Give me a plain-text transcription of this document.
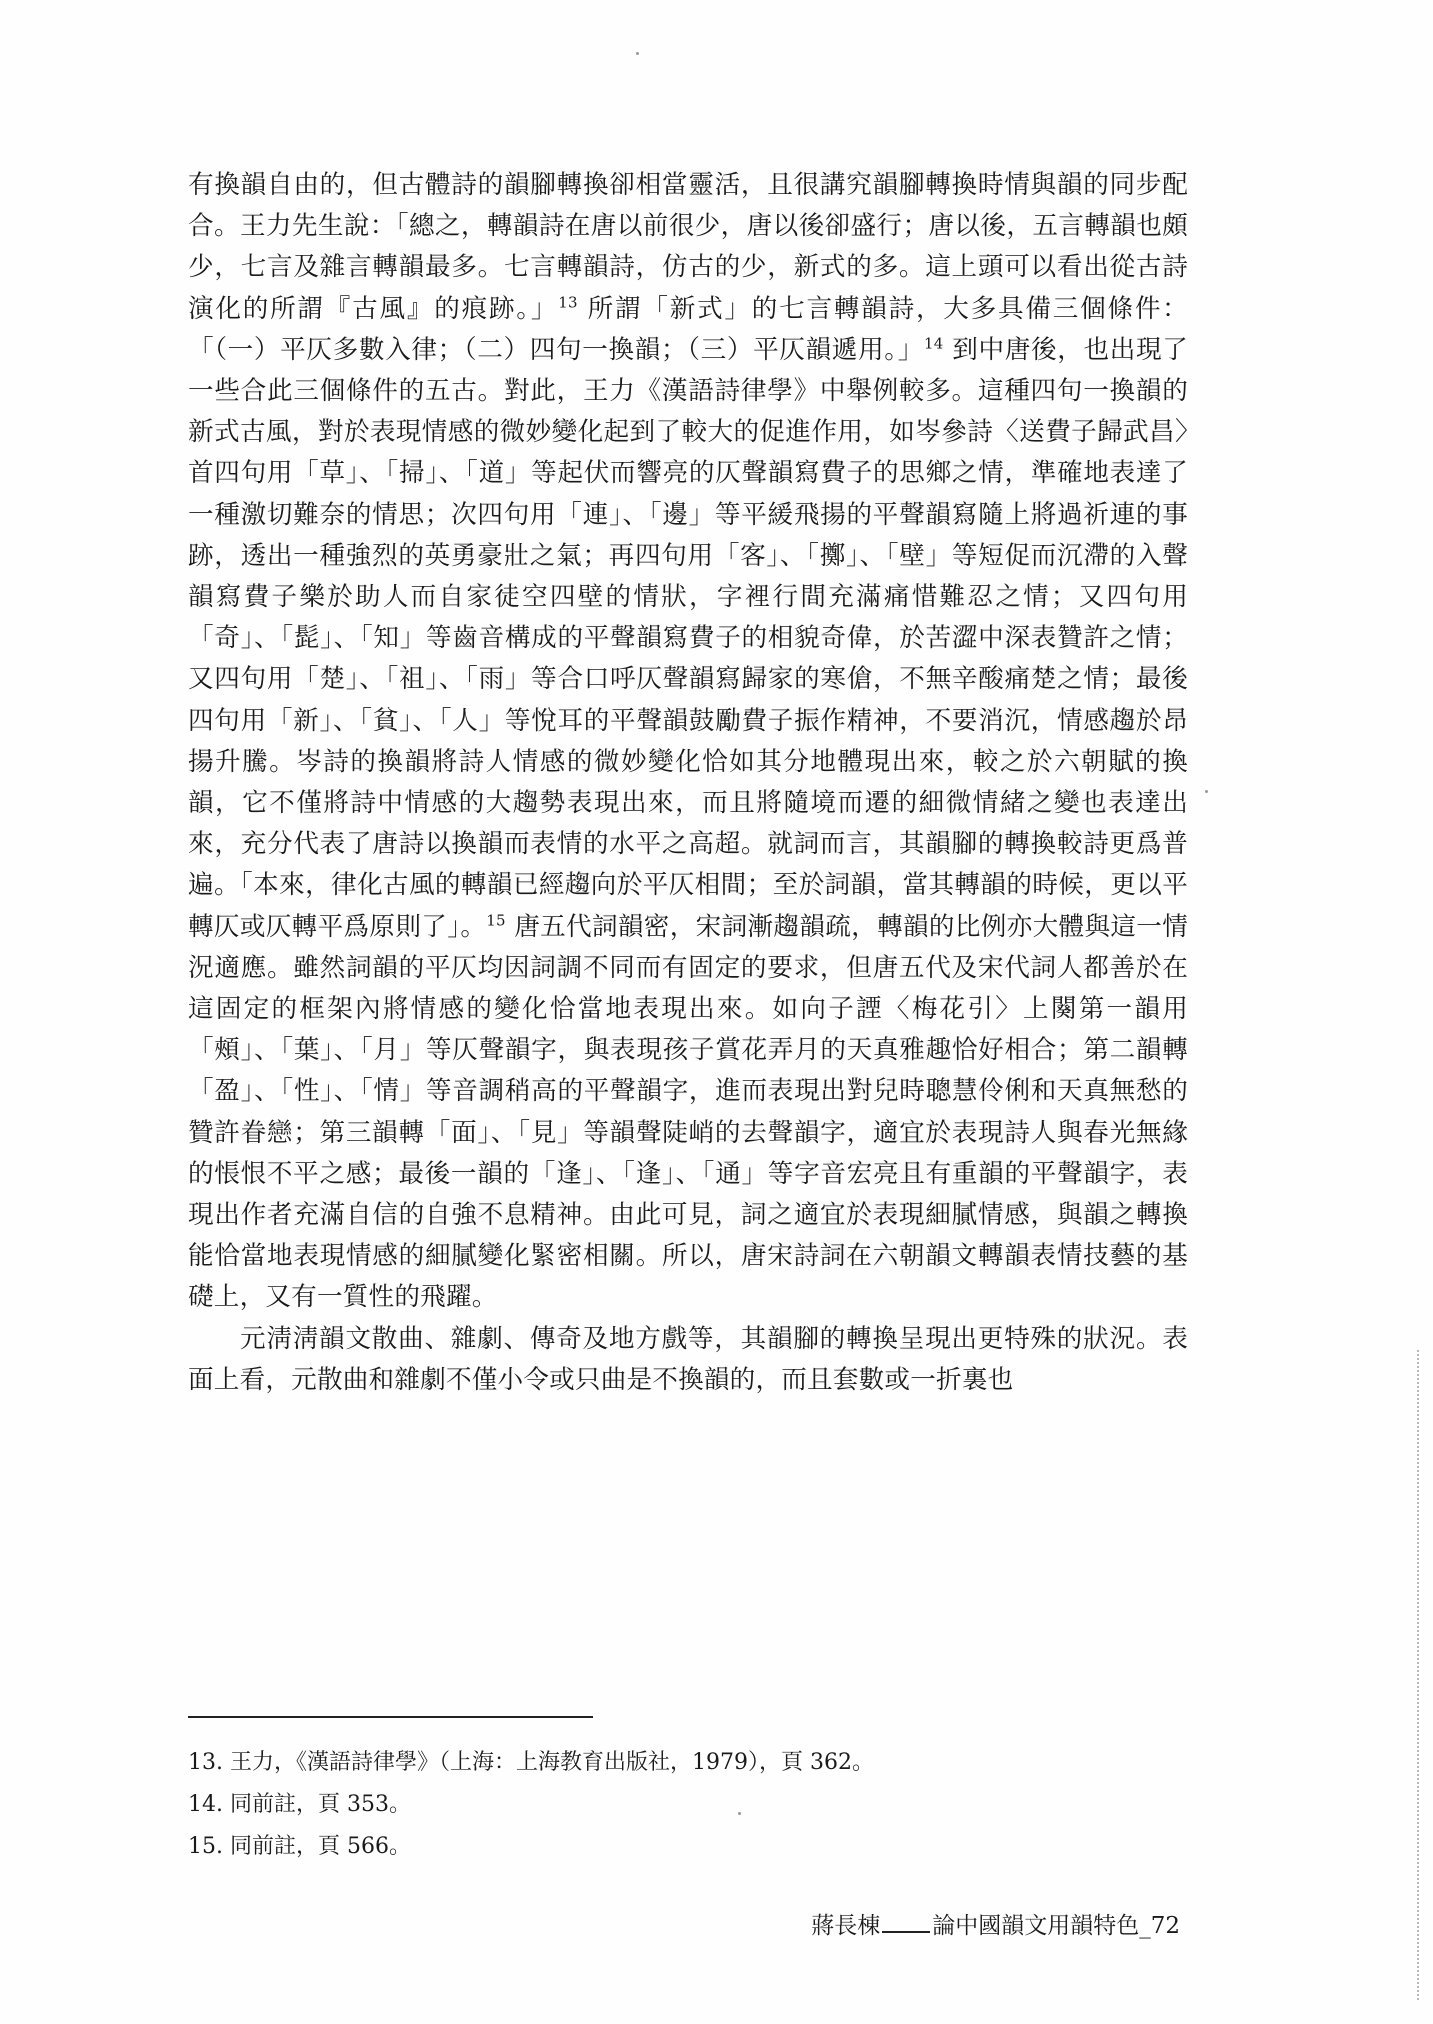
有換韻自由的，但古體詩的韻腳轉換卻相當靈活，且很講究韻腳轉換時情與韻的同步配合。王力先生說：「總之，轉韻詩在唐以前很少，唐以後卻盛行；唐以後，五言轉韻也頗少，七言及雜言轉韻最多。七言轉韻詩，仿古的少，新式的多。這上頭可以看出從古詩演化的所謂『古風』的痕跡。」$^{13}$ 所謂「新式」的七言轉韻詩，大多具備三個條件：「（一）平仄多數入律；（二）四句一換韻；（三）平仄韻遞用。」$^{14}$ 到中唐後，也出現了一些合此三個條件的五古。對此，王力《漢語詩律學》中舉例較多。這種四句一換韻的新式古風，對於表現情感的微妙變化起到了較大的促進作用，如岑參詩〈送費子歸武昌〉首四句用「草」、「掃」、「道」等起伏而響亮的仄聲韻寫費子的思鄉之情，準確地表達了一種激切難奈的情思；次四句用「連」、「邊」等平緩飛揚的平聲韻寫隨上將過祈連的事跡，透出一種強烈的英勇豪壯之氣；再四句用「客」、「擲」、「壁」等短促而沉滯的入聲韻寫費子樂於助人而自家徒空四壁的情狀，字裡行間充滿痛惜難忍之情；又四句用「奇」、「髭」、「知」等齒音構成的平聲韻寫費子的相貌奇偉，於苦澀中深表贊許之情；又四句用「楚」、「祖」、「雨」等合口呼仄聲韻寫歸家的寒傖，不無辛酸痛楚之情；最後四句用「新」、「貧」、「人」等悅耳的平聲韻鼓勵費子振作精神，不要消沉，情感趨於昂揚升騰。岑詩的換韻將詩人情感的微妙變化恰如其分地體現出來，較之於六朝賦的換韻，它不僅將詩中情感的大趨勢表現出來，而且將隨境而遷的細微情緒之變也表達出來，充分代表了唐詩以換韻而表情的水平之高超。就詞而言，其韻腳的轉換較詩更爲普遍。「本來，律化古風的轉韻已經趨向於平仄相間；至於詞韻，當其轉韻的時候，更以平轉仄或仄轉平爲原則了」。$^{15}$ 唐五代詞韻密，宋詞漸趨韻疏，轉韻的比例亦大體與這一情況適應。雖然詞韻的平仄均因詞調不同而有固定的要求，但唐五代及宋代詞人都善於在這固定的框架內將情感的變化恰當地表現出來。如向子諲〈梅花引〉上闋第一韻用「頰」、「葉」、「月」等仄聲韻字，與表現孩子賞花弄月的天真雅趣恰好相合；第二韻轉「盈」、「性」、「情」等音調稍高的平聲韻字，進而表現出對兒時聰慧伶俐和天真無愁的贊許眷戀；第三韻轉「面」、「見」等韻聲陡峭的去聲韻字，適宜於表現詩人與春光無緣的悵恨不平之感；最後一韻的「逢」、「逢」、「通」等字音宏亮且有重韻的平聲韻字，表現出作者充滿自信的自強不息精神。由此可見，詞之適宜於表現細膩情感，與韻之轉換能恰當地表現情感的細膩變化緊密相關。所以，唐宋詩詞在六朝韻文轉韻表情技藝的基礎上，又有一質性的飛躍。

元淸淸韻文散曲、雜劇、傳奇及地方戲等，其韻腳的轉換呈現出更特殊的狀況。表面上看，元散曲和雜劇不僅小令或只曲是不換韻的，而且套數或一折裏也

13. 王力，《漢語詩律學》（上海：上海教育出版社，1979），頁 362。
14. 同前註，頁 353。
15. 同前註，頁 566。
蔣長棟 論中國韻文用韻特色_72
